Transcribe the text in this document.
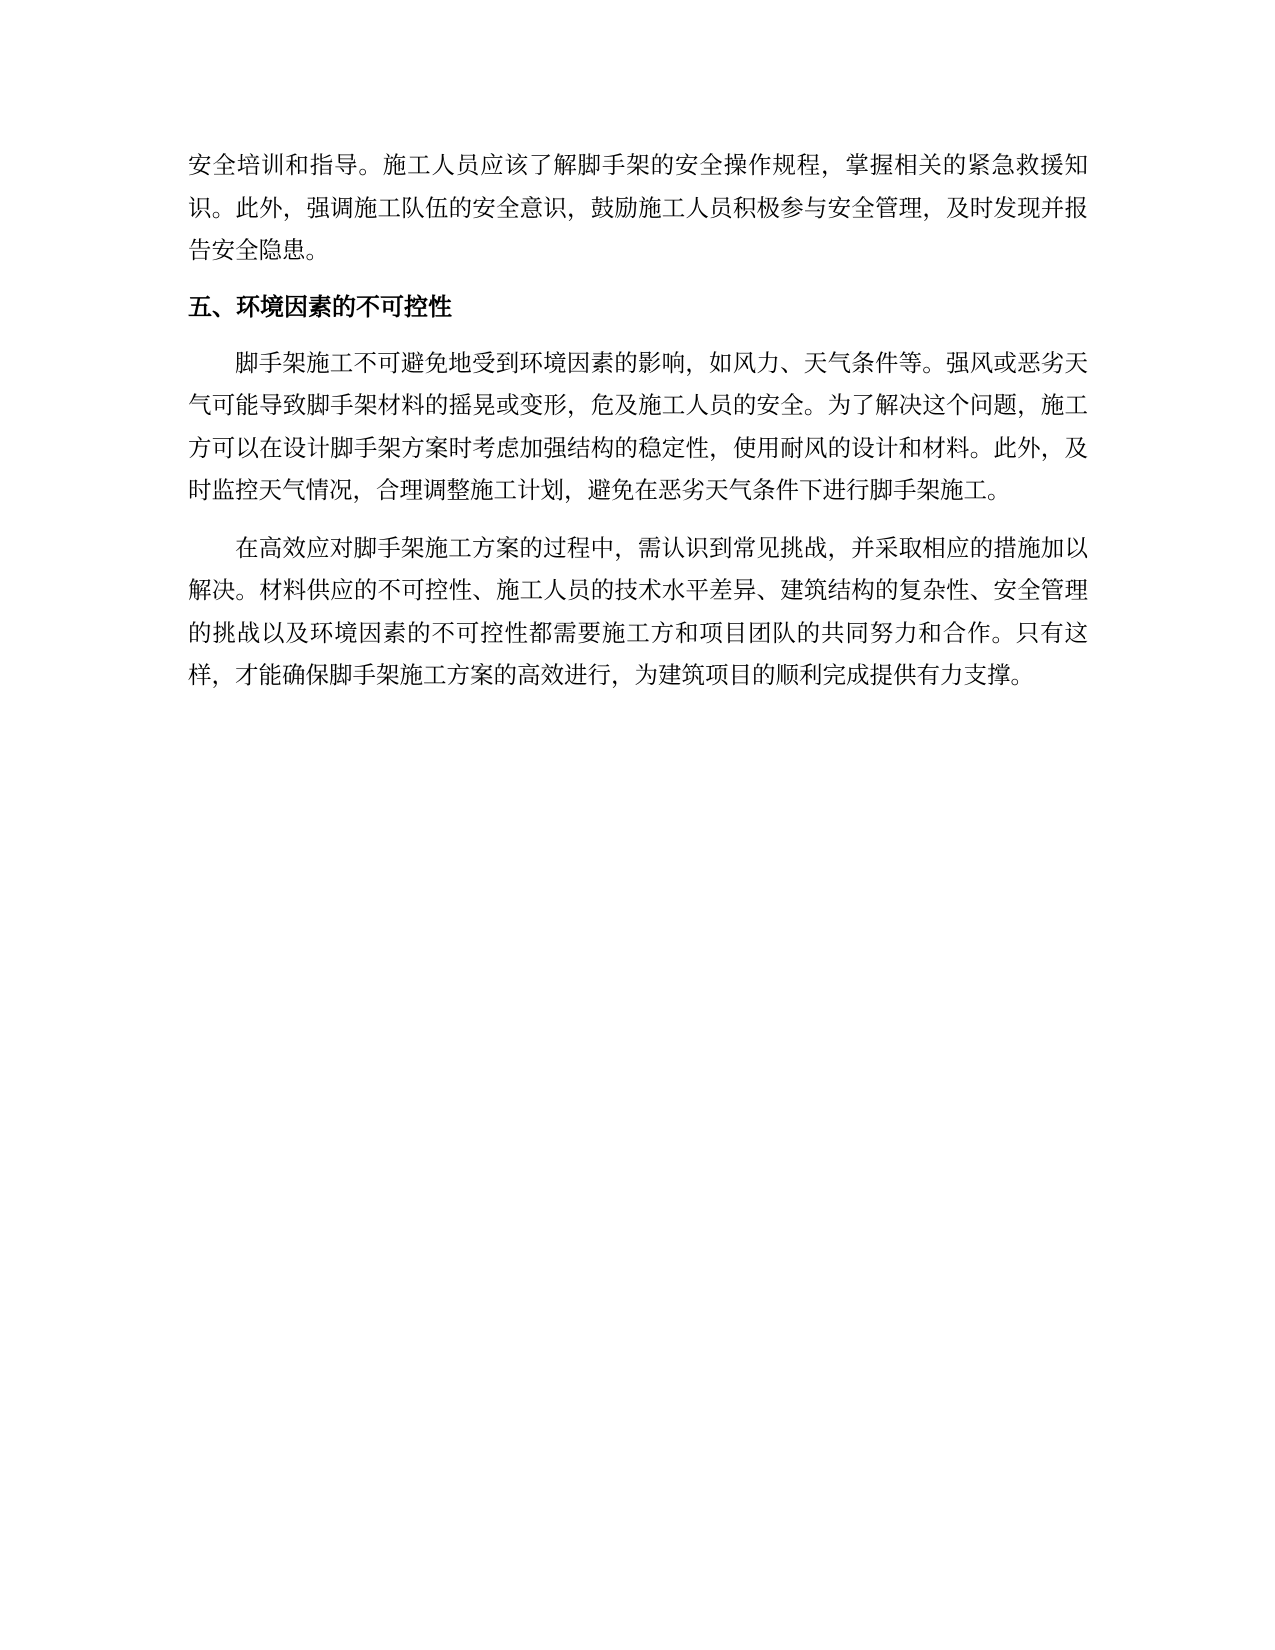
安全培训和指导。施工人员应该了解脚手架的安全操作规程，掌握相关的紧急救援知识。此外，强调施工队伍的安全意识，鼓励施工人员积极参与安全管理，及时发现并报告安全隐患。

五、环境因素的不可控性

脚手架施工不可避免地受到环境因素的影响，如风力、天气条件等。强风或恶劣天气可能导致脚手架材料的摇晃或变形，危及施工人员的安全。为了解决这个问题，施工方可以在设计脚手架方案时考虑加强结构的稳定性，使用耐风的设计和材料。此外，及时监控天气情况，合理调整施工计划，避免在恶劣天气条件下进行脚手架施工。

在高效应对脚手架施工方案的过程中，需认识到常见挑战，并采取相应的措施加以解决。材料供应的不可控性、施工人员的技术水平差异、建筑结构的复杂性、安全管理的挑战以及环境因素的不可控性都需要施工方和项目团队的共同努力和合作。只有这样，才能确保脚手架施工方案的高效进行，为建筑项目的顺利完成提供有力支撑。
